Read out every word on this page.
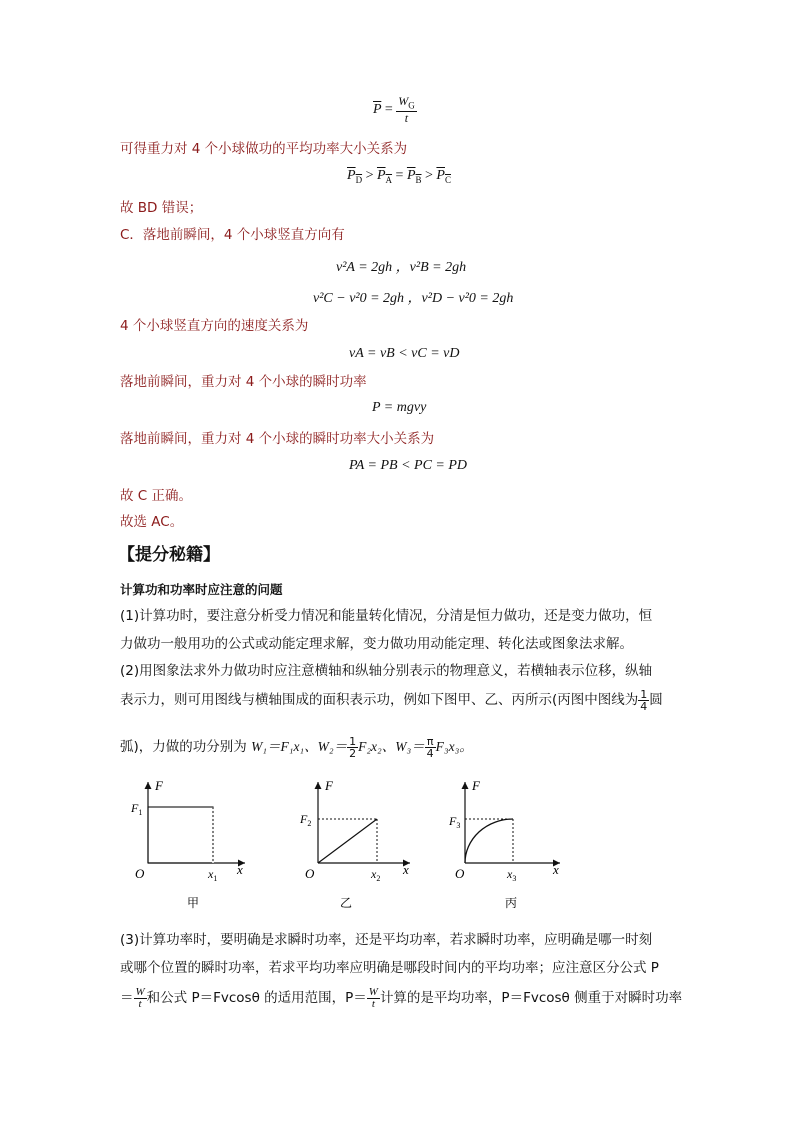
$\overline{P} = \frac{W_G}{t}$
可得重力对 4 个小球做功的平均功率大小关系为
$P_D > P_A = P_B > P_C$
故 BD 错误；
C．落地前瞬间，4 个小球竖直方向有
v²A = 2gh ，v²B = 2gh
v²C − v²0 = 2gh ，v²D − v²0 = 2gh
4 个小球竖直方向的速度关系为
vA = vB < vC = vD
落地前瞬间，重力对 4 个小球的瞬时功率
P = mgvy
落地前瞬间，重力对 4 个小球的瞬时功率大小关系为
PA = PB < PC = PD
故 C 正确。
故选 AC。
【提分秘籍】
计算功和功率时应注意的问题
(1)计算功时，要注意分析受力情况和能量转化情况，分清是恒力做功，还是变力做功，恒
力做功一般用功的公式或动能定理求解，变力做功用动能定理、转化法或图象法求解。
(2)用图象法求外力做功时应注意横轴和纵轴分别表示的物理意义，若横轴表示位移，纵轴
表示力，则可用图线与横轴围成的面积表示功，例如下图甲、乙、丙所示(丙图中图线为 $\frac{1}{4}$ 圆
弧)，力做的功分别为 W₁＝F₁x₁、$W_2= \frac{1}{2} F_2x_2$、$W_3= \frac{\pi}{4} F_3x_3$。
F
x
O
$F_1$
$x_1$
甲
F
x
O
$F_2$
$x_2$
乙
F
x
O
$F_3$
$x_3$
丙
(3)计算功率时，要明确是求瞬时功率，还是平均功率，若求瞬时功率，应明确是哪一时刻
或哪个位置的瞬时功率，若求平均功率应明确是哪段时间内的平均功率；应注意区分公式 P
＝ $\frac{W}{t}$ 和公式 P＝Fvcosθ 的适用范围，$P= \frac{W}{t}$ 计算的是平均功率，P＝Fvcosθ 侧重于对瞬时功率
